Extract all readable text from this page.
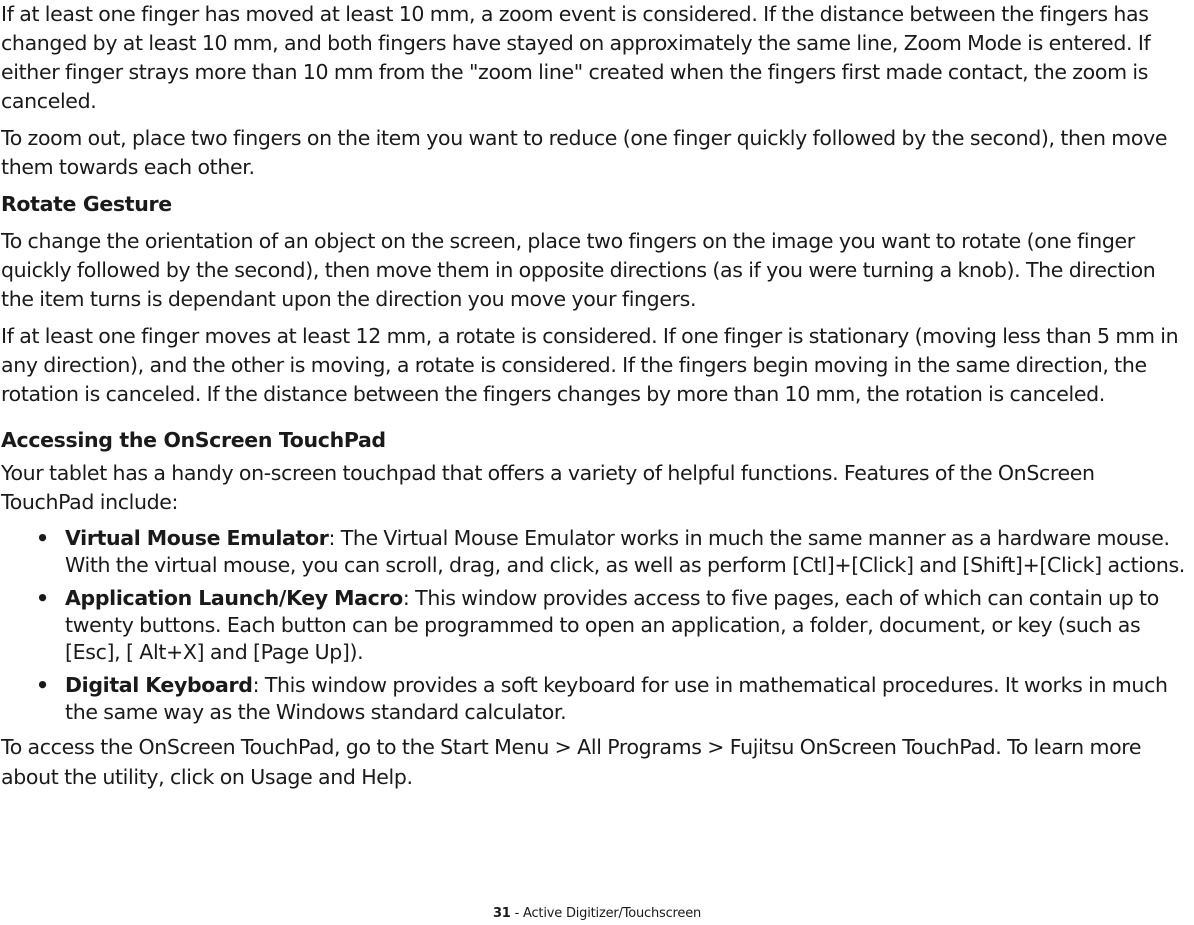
If at least one finger has moved at least 10 mm, a zoom event is considered. If the distance between the fingers has changed by at least 10 mm, and both fingers have stayed on approximately the same line, Zoom Mode is entered. If either finger strays more than 10 mm from the "zoom line" created when the fingers first made contact, the zoom is canceled.

To zoom out, place two fingers on the item you want to reduce (one finger quickly followed by the second), then move them towards each other.

Rotate Gesture

To change the orientation of an object on the screen, place two fingers on the image you want to rotate (one finger quickly followed by the second), then move them in opposite directions (as if you were turning a knob). The direction the item turns is dependant upon the direction you move your fingers.

If at least one finger moves at least 12 mm, a rotate is considered. If one finger is stationary (moving less than 5 mm in any direction), and the other is moving, a rotate is considered. If the fingers begin moving in the same direction, the rotation is canceled. If the distance between the fingers changes by more than 10 mm, the rotation is canceled.

Accessing the OnScreen TouchPad

Your tablet has a handy on-screen touchpad that offers a variety of helpful functions. Features of the OnScreen TouchPad include:

• Virtual Mouse Emulator: The Virtual Mouse Emulator works in much the same manner as a hardware mouse. With the virtual mouse, you can scroll, drag, and click, as well as perform [Ctl]+[Click] and [Shift]+[Click] actions.
• Application Launch/Key Macro: This window provides access to five pages, each of which can contain up to twenty buttons. Each button can be programmed to open an application, a folder, document, or key (such as [Esc], [ Alt+X] and [Page Up]).
• Digital Keyboard: This window provides a soft keyboard for use in mathematical procedures. It works in much the same way as the Windows standard calculator.

To access the OnScreen TouchPad, go to the Start Menu > All Programs > Fujitsu OnScreen TouchPad. To learn more about the utility, click on Usage and Help.

31 - Active Digitizer/Touchscreen
